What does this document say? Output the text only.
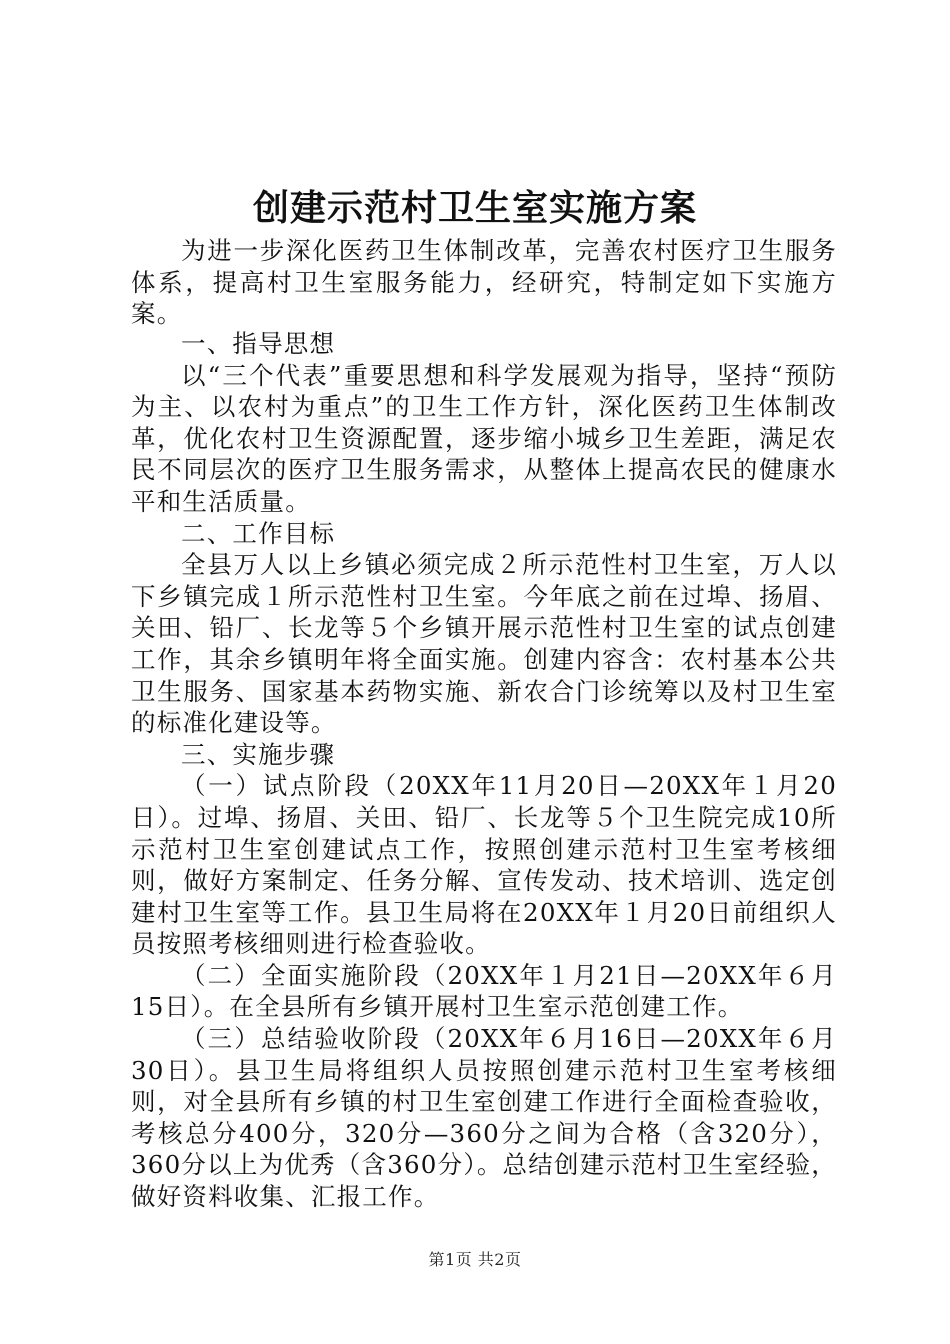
创建示范村卫生室实施方案

为进一步深化医药卫生体制改革，完善农村医疗卫生服务体系，提高村卫生室服务能力，经研究，特制定如下实施方案。

一、指导思想

以“三个代表”重要思想和科学发展观为指导，坚持“预防为主、以农村为重点”的卫生工作方针，深化医药卫生体制改革，优化农村卫生资源配置，逐步缩小城乡卫生差距，满足农民不同层次的医疗卫生服务需求，从整体上提高农民的健康水平和生活质量。

二、工作目标

全县万人以上乡镇必须完成２所示范性村卫生室，万人以下乡镇完成１所示范性村卫生室。今年底之前在过埠、扬眉、关田、铅厂、长龙等５个乡镇开展示范性村卫生室的试点创建工作，其余乡镇明年将全面实施。创建内容含：农村基本公共卫生服务、国家基本药物实施、新农合门诊统筹以及村卫生室的标准化建设等。

三、实施步骤

（一）试点阶段（20XX年11月20日—20XX年１月20日）。过埠、扬眉、关田、铅厂、长龙等５个卫生院完成10所示范村卫生室创建试点工作，按照创建示范村卫生室考核细则，做好方案制定、任务分解、宣传发动、技术培训、选定创建村卫生室等工作。县卫生局将在20XX年１月20日前组织人员按照考核细则进行检查验收。

（二）全面实施阶段（20XX年１月21日—20XX年６月15日）。在全县所有乡镇开展村卫生室示范创建工作。

（三）总结验收阶段（20XX年６月16日—20XX年６月30日）。县卫生局将组织人员按照创建示范村卫生室考核细则，对全县所有乡镇的村卫生室创建工作进行全面检查验收，考核总分400分，320分—360分之间为合格（含320分），360分以上为优秀（含360分）。总结创建示范村卫生室经验，做好资料收集、汇报工作。

第1页 共2页
